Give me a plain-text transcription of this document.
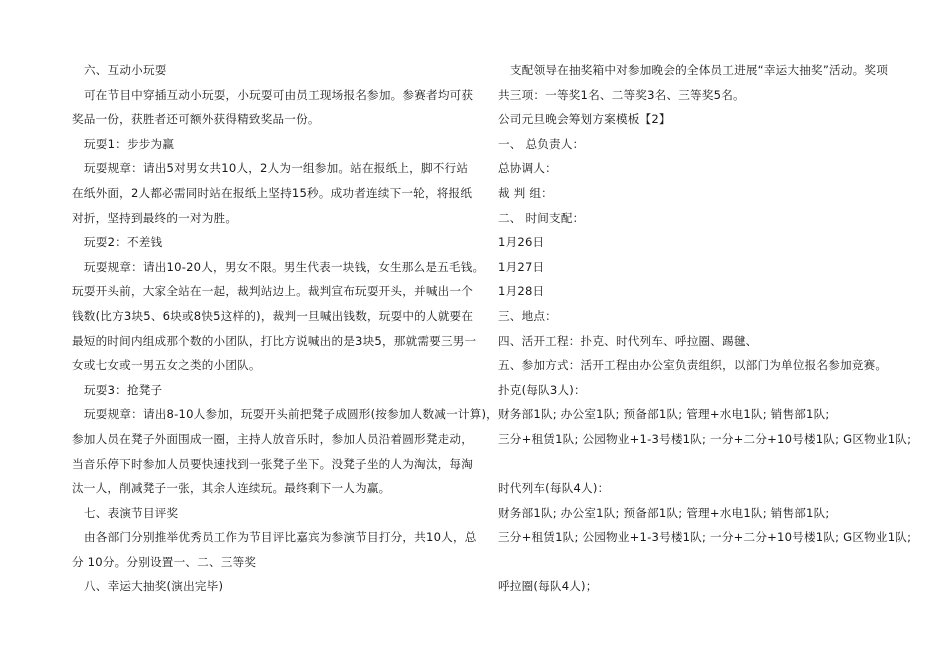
六、互动小玩耍
可在节目中穿插互动小玩耍，小玩耍可由员工现场报名参加。参赛者均可获
奖品一份，获胜者还可额外获得精致奖品一份。
玩耍1：步步为赢
玩耍规章：请出5对男女共10人，2人为一组参加。站在报纸上，脚不行站
在纸外面，2人都必需同时站在报纸上坚持15秒。成功者连续下一轮，将报纸
对折，坚持到最终的一对为胜。
玩耍2：不差钱
玩耍规章：请出10-20人，男女不限。男生代表一块钱，女生那么是五毛钱。
玩耍开头前，大家全站在一起，裁判站边上。裁判宣布玩耍开头，并喊出一个
钱数(比方3块5、6块或8快5这样的)，裁判一旦喊出钱数，玩耍中的人就要在
最短的时间内组成那个数的小团队，打比方说喊出的是3块5，那就需要三男一
女或七女或一男五女之类的小团队。
玩耍3：抢凳子
玩耍规章：请出8-10人参加，玩耍开头前把凳子成圆形(按参加人数减一计算)，
参加人员在凳子外面围成一圈，主持人放音乐时，参加人员沿着圆形凳走动，
当音乐停下时参加人员要快速找到一张凳子坐下。没凳子坐的人为淘汰，每淘
汰一人，削减凳子一张，其余人连续玩。最终剩下一人为赢。
七、表演节目评奖
由各部门分别推举优秀员工作为节目评比嘉宾为参演节目打分，共10人，总
分 10分。分别设置一、二、三等奖
八、幸运大抽奖(演出完毕)
支配领导在抽奖箱中对参加晚会的全体员工进展“幸运大抽奖”活动。奖项
共三项：一等奖1名、二等奖3名、三等奖5名。
公司元旦晚会筹划方案模板【2】
一、 总负责人：
总协调人：
裁 判 组：
二、 时间支配：
1月26日
1月27日
1月28日
三、地点：
四、活开工程：扑克、时代列车、呼拉圈、踢毽、
五、参加方式：活开工程由办公室负责组织，以部门为单位报名参加竞赛。
扑克(每队3人)：
财务部1队; 办公室1队; 预备部1队; 管理+水电1队; 销售部1队;
三分+租赁1队; 公园物业+1-3号楼1队; 一分+二分+10号楼1队; G区物业1队;
时代列车(每队4人)：
财务部1队; 办公室1队; 预备部1队; 管理+水电1队; 销售部1队;
三分+租赁1队; 公园物业+1-3号楼1队; 一分+二分+10号楼1队; G区物业1队;
呼拉圈(每队4人)；
